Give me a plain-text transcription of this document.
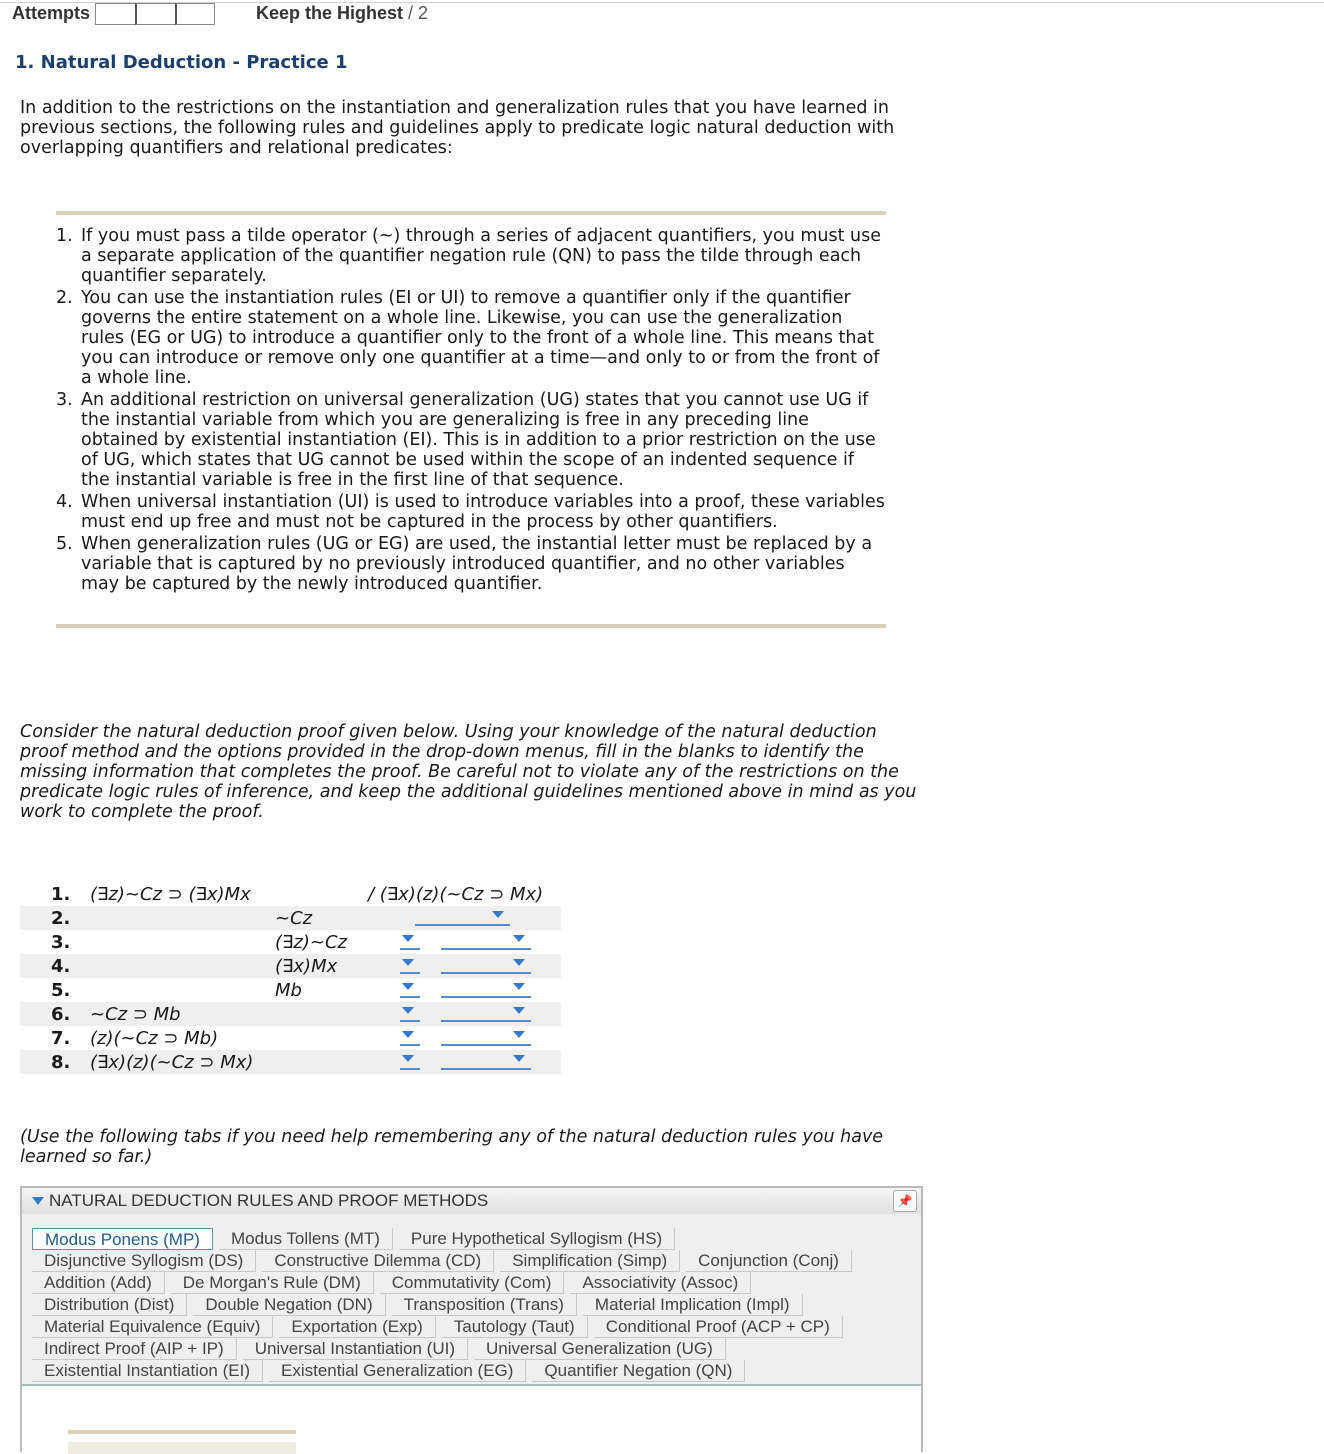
Attempts	Keep the Highest / 2
1. Natural Deduction - Practice 1
In addition to the restrictions on the instantiation and generalization rules that you have learned in previous sections, the following rules and guidelines apply to predicate logic natural deduction with overlapping quantifiers and relational predicates:
1. If you must pass a tilde operator (~) through a series of adjacent quantifiers, you must use a separate application of the quantifier negation rule (QN) to pass the tilde through each quantifier separately.
2. You can use the instantiation rules (EI or UI) to remove a quantifier only if the quantifier governs the entire statement on a whole line. Likewise, you can use the generalization rules (EG or UG) to introduce a quantifier only to the front of a whole line. This means that you can introduce or remove only one quantifier at a time—and only to or from the front of a whole line.
3. An additional restriction on universal generalization (UG) states that you cannot use UG if the instantial variable from which you are generalizing is free in any preceding line obtained by existential instantiation (EI). This is in addition to a prior restriction on the use of UG, which states that UG cannot be used within the scope of an indented sequence if the instantial variable is free in the first line of that sequence.
4. When universal instantiation (UI) is used to introduce variables into a proof, these variables must end up free and must not be captured in the process by other quantifiers.
5. When generalization rules (UG or EG) are used, the instantial letter must be replaced by a variable that is captured by no previously introduced quantifier, and no other variables may be captured by the newly introduced quantifier.
Consider the natural deduction proof given below. Using your knowledge of the natural deduction proof method and the options provided in the drop-down menus, fill in the blanks to identify the missing information that completes the proof. Be careful not to violate any of the restrictions on the predicate logic rules of inference, and keep the additional guidelines mentioned above in mind as you work to complete the proof.
1. (∃z)~Cz ⊃ (∃x)Mx	/ (∃x)(z)(~Cz ⊃ Mx)
2.	~Cz
3.	(∃z)~Cz
4.	(∃x)Mx
5.	Mb
6. ~Cz ⊃ Mb
7. (z)(~Cz ⊃ Mb)
8. (∃x)(z)(~Cz ⊃ Mx)
(Use the following tabs if you need help remembering any of the natural deduction rules you have learned so far.)
NATURAL DEDUCTION RULES AND PROOF METHODS	📌
Modus Ponens (MP)	Modus Tollens (MT)	Pure Hypothetical Syllogism (HS)
Disjunctive Syllogism (DS)	Constructive Dilemma (CD)	Simplification (Simp)	Conjunction (Conj)
Addition (Add)	De Morgan's Rule (DM)	Commutativity (Com)	Associativity (Assoc)
Distribution (Dist)	Double Negation (DN)	Transposition (Trans)	Material Implication (Impl)
Material Equivalence (Equiv)	Exportation (Exp)	Tautology (Taut)	Conditional Proof (ACP + CP)
Indirect Proof (AIP + IP)	Universal Instantiation (UI)	Universal Generalization (UG)
Existential Instantiation (EI)	Existential Generalization (EG)	Quantifier Negation (QN)
